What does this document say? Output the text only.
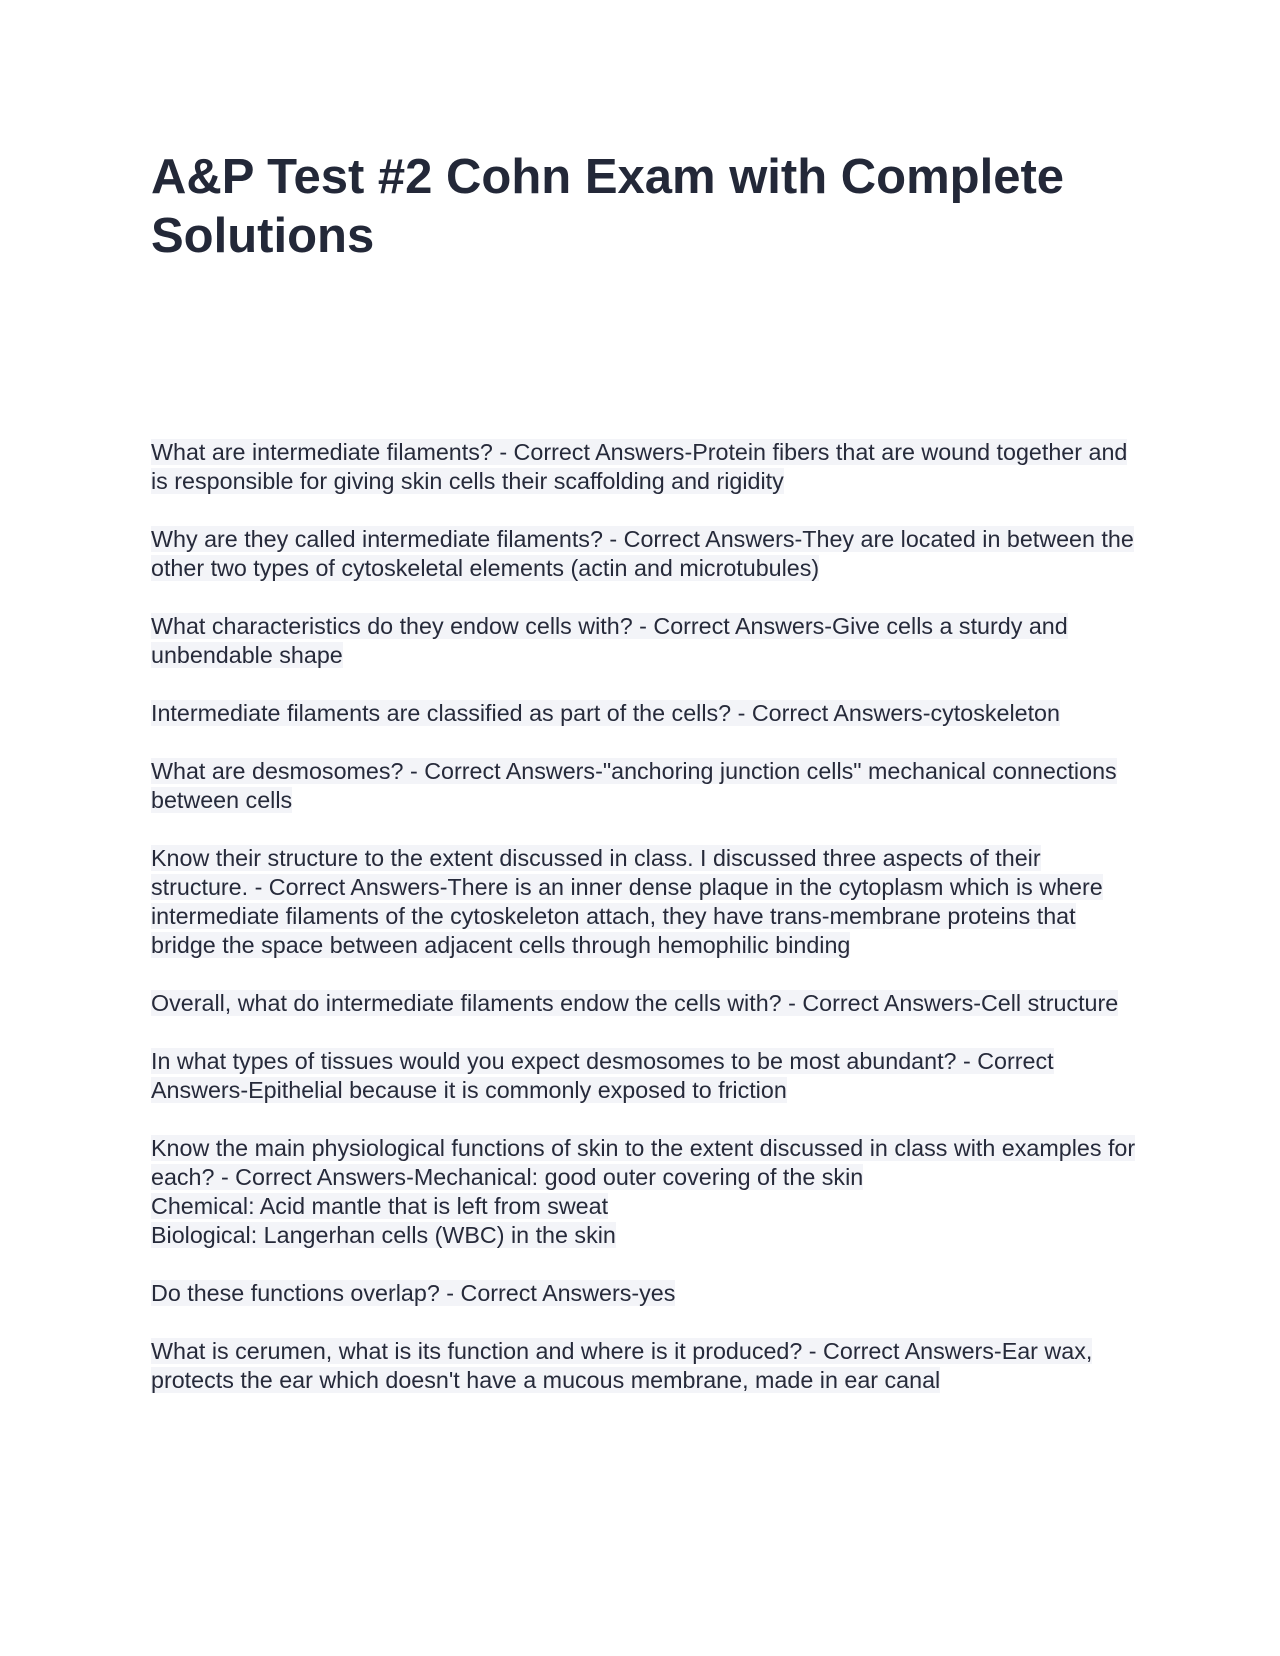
A&P Test #2 Cohn Exam with Complete Solutions

What are intermediate filaments? - Correct Answers-Protein fibers that are wound together and is responsible for giving skin cells their scaffolding and rigidity

Why are they called intermediate filaments? - Correct Answers-They are located in between the other two types of cytoskeletal elements (actin and microtubules)

What characteristics do they endow cells with? - Correct Answers-Give cells a sturdy and unbendable shape

Intermediate filaments are classified as part of the cells? - Correct Answers-cytoskeleton

What are desmosomes? - Correct Answers-"anchoring junction cells" mechanical connections between cells

Know their structure to the extent discussed in class. I discussed three aspects of their structure. - Correct Answers-There is an inner dense plaque in the cytoplasm which is where intermediate filaments of the cytoskeleton attach, they have trans-membrane proteins that bridge the space between adjacent cells through hemophilic binding

Overall, what do intermediate filaments endow the cells with? - Correct Answers-Cell structure

In what types of tissues would you expect desmosomes to be most abundant? - Correct Answers-Epithelial because it is commonly exposed to friction

Know the main physiological functions of skin to the extent discussed in class with examples for each? - Correct Answers-Mechanical: good outer covering of the skin
Chemical: Acid mantle that is left from sweat
Biological: Langerhan cells (WBC) in the skin

Do these functions overlap? - Correct Answers-yes

What is cerumen, what is its function and where is it produced? - Correct Answers-Ear wax, protects the ear which doesn't have a mucous membrane, made in ear canal
